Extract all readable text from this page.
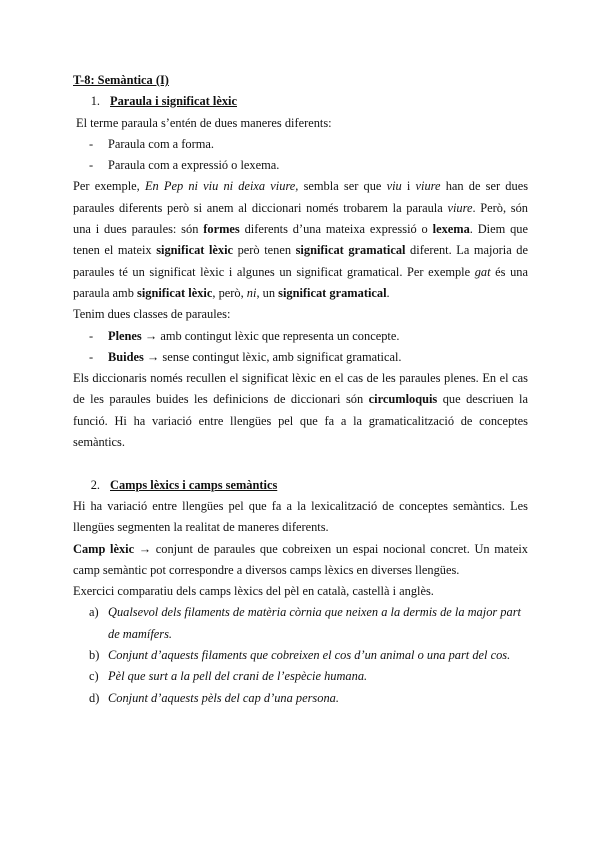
T-8: Semàntica (I)

1. Paraula i significat lèxic

El terme paraula s’entén de dues maneres diferents:

-	Paraula com a forma.
-	Paraula com a expressió o lexema.

Per exemple, En Pep ni viu ni deixa viure, sembla ser que viu i viure han de ser dues paraules diferents però si anem al diccionari només trobarem la paraula viure. Però, són una i dues paraules: són formes diferents d’una mateixa expressió o lexema. Diem que tenen el mateix significat lèxic però tenen significat gramatical diferent. La majoria de paraules té un significat lèxic i algunes un significat gramatical. Per exemple gat és una paraula amb significat lèxic, però, ni, un significat gramatical.

Tenim dues classes de paraules:

-	Plenes → amb contingut lèxic que representa un concepte.
-	Buides → sense contingut lèxic, amb significat gramatical.

Els diccionaris només recullen el significat lèxic en el cas de les paraules plenes. En el cas de les paraules buides les definicions de diccionari són circumloquis que descriuen la funció. Hi ha variació entre llengües pel que fa a la gramaticalització de conceptes semàntics.

2. Camps lèxics i camps semàntics

Hi ha variació entre llengües pel que fa a la lexicalització de conceptes semàntics. Les llengües segmenten la realitat de maneres diferents.

Camp lèxic → conjunt de paraules que cobreixen un espai nocional concret. Un mateix camp semàntic pot correspondre a diversos camps lèxics en diverses llengües.

Exercici comparatiu dels camps lèxics del pèl en català, castellà i anglès.

a) Qualsevol dels filaments de matèria còrnia que neixen a la dermis de la major part de mamífers.
b) Conjunt d’aquests filaments que cobreixen el cos d’un animal o una part del cos.
c) Pèl que surt a la pell del crani de l’espècie humana.
d) Conjunt d’aquests pèls del cap d’una persona.
